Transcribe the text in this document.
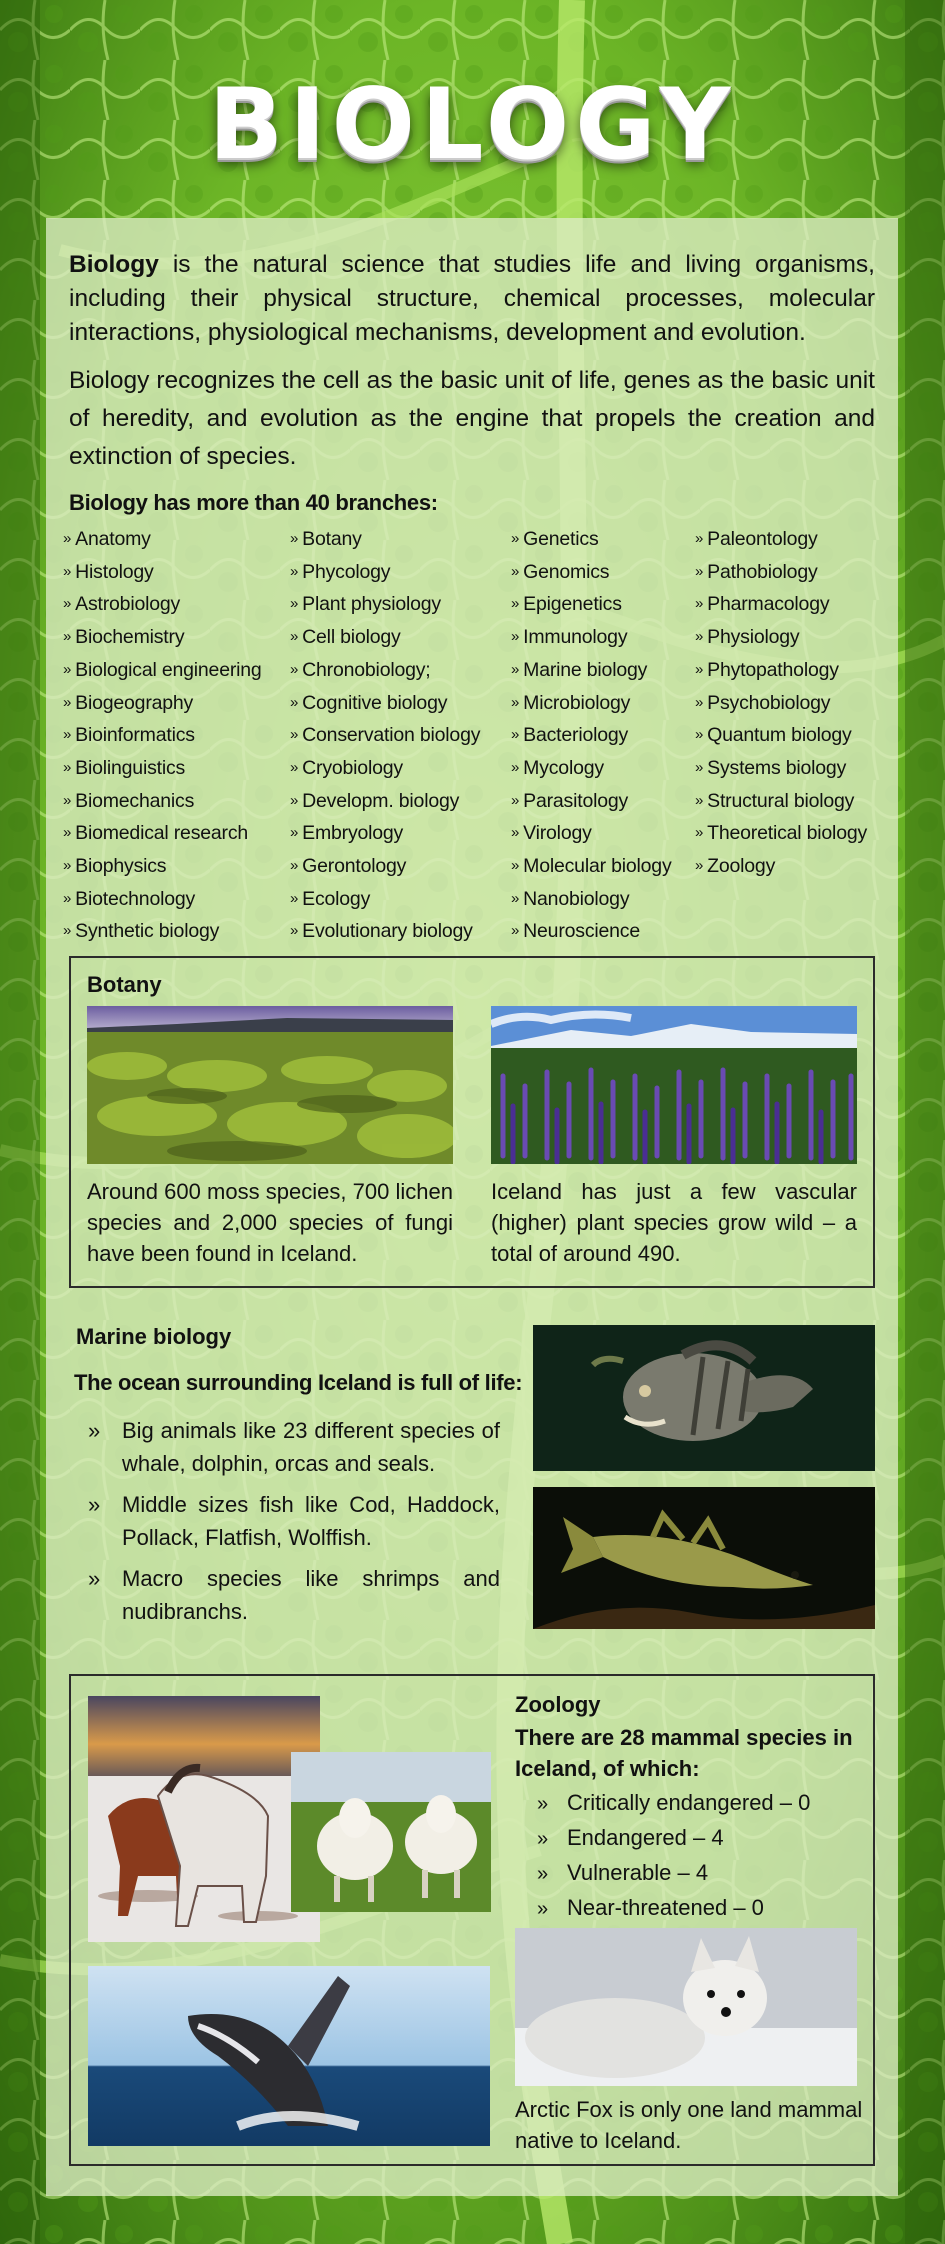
BIOLOGY

Biology is the natural science that studies life and living organisms, including their physical structure, chemical processes, molecular interactions, physiological mechanisms, development and evolution.

Biology recognizes the cell as the basic unit of life, genes as the basic unit of heredity, and evolution as the engine that propels the creation and extinction of species.

Biology has more than 40 branches:
» Anatomy
» Histology
» Astrobiology
» Biochemistry
» Biological engineering
» Biogeography
» Bioinformatics
» Biolinguistics
» Biomechanics
» Biomedical research
» Biophysics
» Biotechnology
» Synthetic biology
» Botany
» Phycology
» Plant physiology
» Cell biology
» Chronobiology;
» Cognitive biology
» Conservation biology
» Cryobiology
» Developm. biology
» Embryology
» Gerontology
» Ecology
» Evolutionary biology
» Genetics
» Genomics
» Epigenetics
» Immunology
» Marine biology
» Microbiology
» Bacteriology
» Mycology
» Parasitology
» Virology
» Molecular biology
» Nanobiology
» Neuroscience
» Paleontology
» Pathobiology
» Pharmacology
» Physiology
» Phytopathology
» Psychobiology
» Quantum biology
» Systems biology
» Structural biology
» Theoretical biology
» Zoology
Botany

Around 600 moss species, 700 lichen species and 2,000 species of fungi have been found in Iceland.

Iceland has just a few vascular (higher) plant species grow wild – a total of around 490.

Marine biology
The ocean surrounding Iceland is full of life:
» Big animals like 23 different species of whale, dolphin, orcas and seals.
» Middle sizes fish like Cod, Haddock, Pollack, Flatfish, Wolffish.
» Macro species like shrimps and nudibranchs.
Zoology

There are 28 mammal species in Iceland, of which:

» Critically endangered – 0
» Endangered – 4
» Vulnerable – 4
» Near-threatened – 0

Arctic Fox is only one land mammal native to Iceland.
